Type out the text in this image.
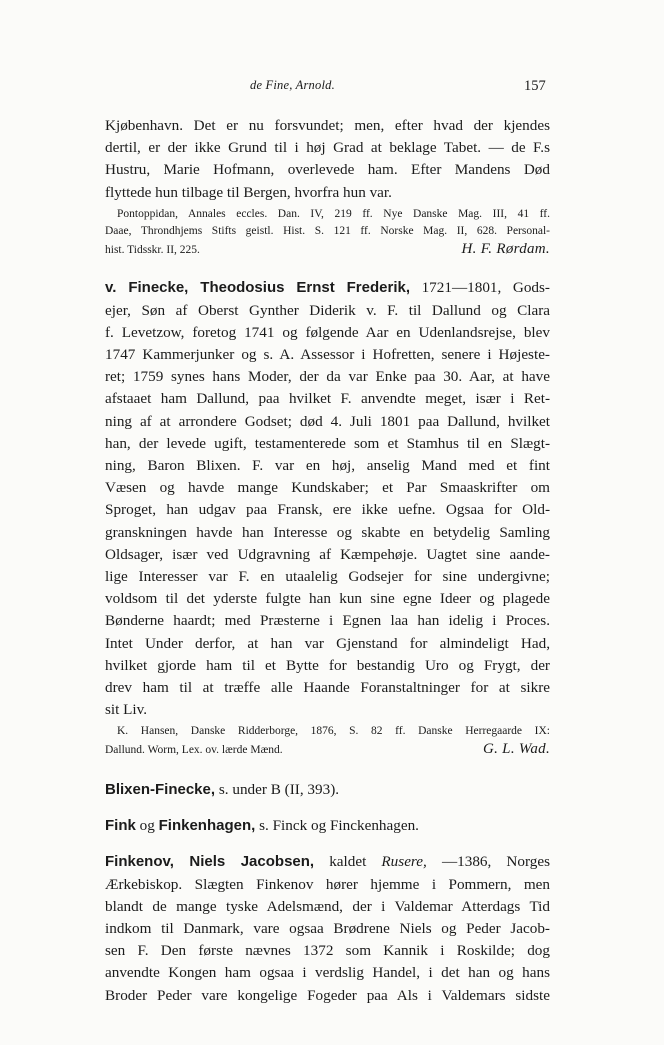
de Fine, Arnold.	157
Kjøbenhavn. Det er nu forsvundet; men, efter hvad der kjendes
dertil, er der ikke Grund til i høj Grad at beklage Tabet. — de F.s
Hustru, Marie Hofmann, overlevede ham. Efter Mandens Død
flyttede hun tilbage til Bergen, hvorfra hun var.
Pontoppidan, Annales eccles. Dan. IV, 219 ff. Nye Danske Mag. III, 41 ff.
Daae, Throndhjems Stifts geistl. Hist. S. 121 ff. Norske Mag. II, 628. Personal-
hist. Tidsskr. II, 225.	H. F. Rørdam.
v. Finecke, Theodosius Ernst Frederik, 1721—1801, Gods-
ejer, Søn af Oberst Gynther Diderik v. F. til Dallund og Clara
f. Levetzow, foretog 1741 og følgende Aar en Udenlandsrejse, blev
1747 Kammerjunker og s. A. Assessor i Hofretten, senere i Højeste-
ret; 1759 synes hans Moder, der da var Enke paa 30. Aar, at have
afstaaet ham Dallund, paa hvilket F. anvendte meget, især i Ret-
ning af at arrondere Godset; død 4. Juli 1801 paa Dallund, hvilket
han, der levede ugift, testamenterede som et Stamhus til en Slægt-
ning, Baron Blixen. F. var en høj, anselig Mand med et fint
Væsen og havde mange Kundskaber; et Par Smaaskrifter om
Sproget, han udgav paa Fransk, ere ikke uefne. Ogsaa for Old-
granskningen havde han Interesse og skabte en betydelig Samling
Oldsager, især ved Udgravning af Kæmpehøje. Uagtet sine aande-
lige Interesser var F. en utaalelig Godsejer for sine undergivne;
voldsom til det yderste fulgte han kun sine egne Ideer og plagede
Bønderne haardt; med Præsterne i Egnen laa han idelig i Proces.
Intet Under derfor, at han var Gjenstand for almindeligt Had,
hvilket gjorde ham til et Bytte for bestandig Uro og Frygt, der
drev ham til at træffe alle Haande Foranstaltninger for at sikre
sit Liv.
K. Hansen, Danske Ridderborge, 1876, S. 82 ff. Danske Herregaarde IX:
Dallund. Worm, Lex. ov. lærde Mænd.	G. L. Wad.
Blixen-Finecke, s. under B (II, 393).
Fink og Finkenhagen, s. Finck og Finckenhagen.
Finkenov, Niels Jacobsen, kaldet Rusere, —1386, Norges
Ærkebiskop. Slægten Finkenov hører hjemme i Pommern, men
blandt de mange tyske Adelsmænd, der i Valdemar Atterdags Tid
indkom til Danmark, vare ogsaa Brødrene Niels og Peder Jacob-
sen F. Den første nævnes 1372 som Kannik i Roskilde; dog
anvendte Kongen ham ogsaa i verdslig Handel, i det han og hans
Broder Peder vare kongelige Fogeder paa Als i Valdemars sidste
